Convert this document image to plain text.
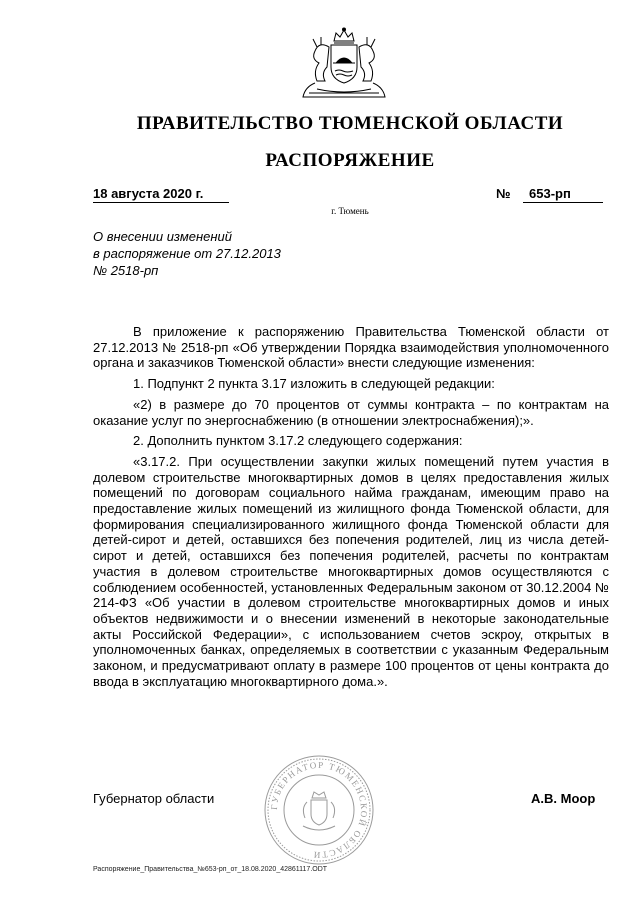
ПРАВИТЕЛЬСТВО ТЮМЕНСКОЙ ОБЛАСТИ
РАСПОРЯЖЕНИЕ
18 августа 2020 г.	№	653-рп
г. Тюмень
О внесении изменений
в распоряжение от 27.12.2013
№ 2518-рп

В приложение к распоряжению Правительства Тюменской области от 27.12.2013 № 2518-рп «Об утверждении Порядка взаимодействия уполномоченного органа и заказчиков Тюменской области» внести следующие изменения:

1. Подпункт 2 пункта 3.17 изложить в следующей редакции:

«2) в размере до 70 процентов от суммы контракта – по контрактам на оказание услуг по энергоснабжению (в отношении электроснабжения);».

2. Дополнить пунктом 3.17.2 следующего содержания:

«3.17.2. При осуществлении закупки жилых помещений путем участия в долевом строительстве многоквартирных домов в целях предоставления жилых помещений по договорам социального найма гражданам, имеющим право на предоставление жилых помещений из жилищного фонда Тюменской области, для формирования специализированного жилищного фонда Тюменской области для детей-сирот и детей, оставшихся без попечения родителей, лиц из числа детей-сирот и детей, оставшихся без попечения родителей, расчеты по контрактам участия в долевом строительстве многоквартирных домов осуществляются с соблюдением особенностей, установленных Федеральным законом от 30.12.2004 № 214-ФЗ «Об участии в долевом строительстве многоквартирных домов и иных объектов недвижимости и о внесении изменений в некоторые законодательные акты Российской Федерации», с использованием счетов эскроу, открытых в уполномоченных банках, определяемых в соответствии с указанным Федеральным законом, и предусматривают оплату в размере 100 процентов от цены контракта до ввода в эксплуатацию многоквартирного дома.».

ГУБЕРНАТОР ТЮМЕНСКОЙ ОБЛАСТИ
Губернатор области	А.В. Моор
Распоряжение_Правительства_№653-рп_от_18.08.2020_42861117.ODT
